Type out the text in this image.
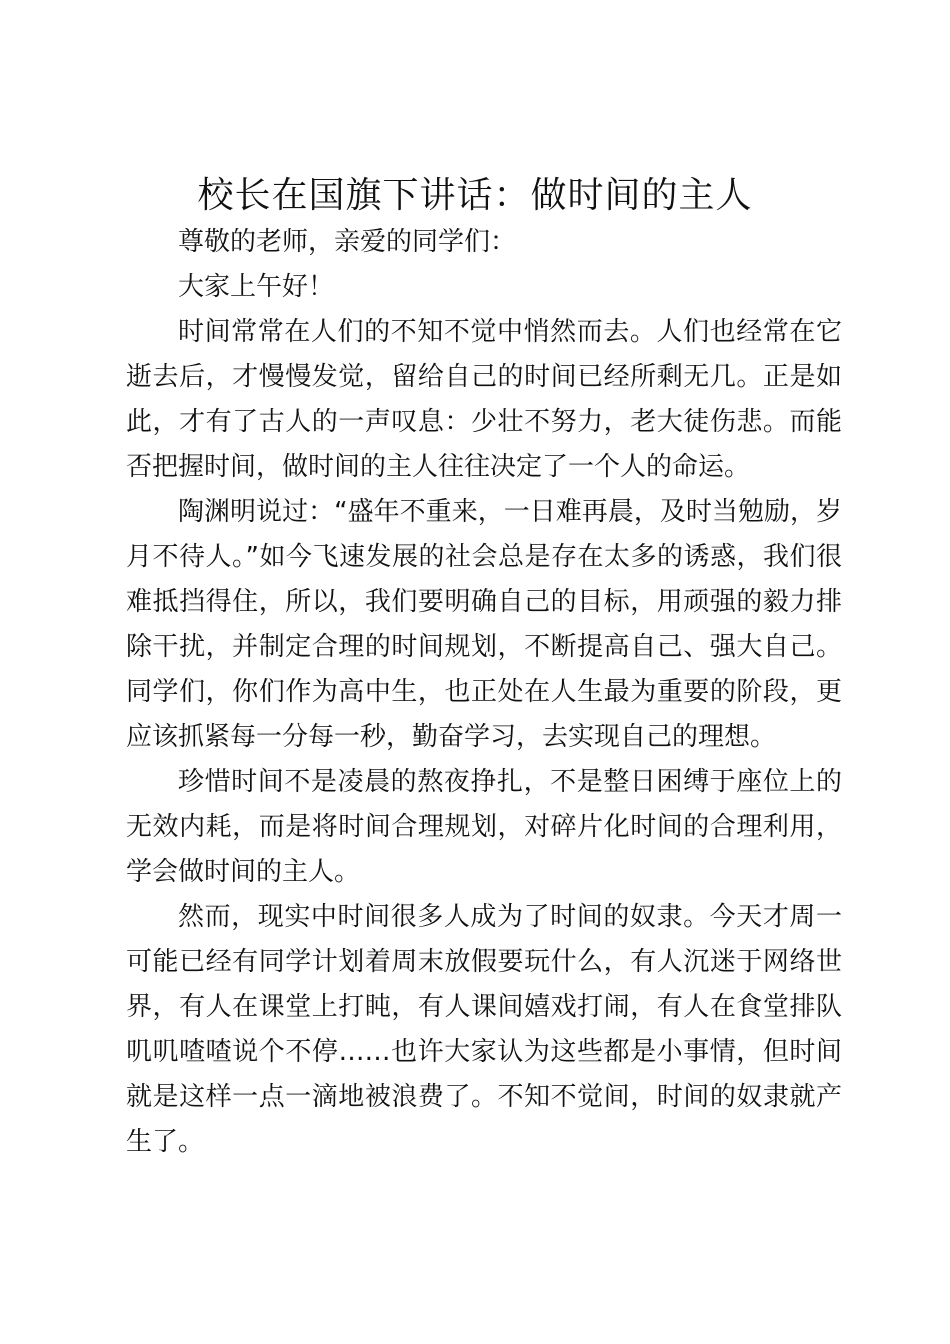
校长在国旗下讲话：做时间的主人

尊敬的老师，亲爱的同学们：

大家上午好！

时间常常在人们的不知不觉中悄然而去。人们也经常在它逝去后，才慢慢发觉，留给自己的时间已经所剩无几。正是如此，才有了古人的一声叹息：少壮不努力，老大徒伤悲。而能否把握时间，做时间的主人往往决定了一个人的命运。

陶渊明说过：“盛年不重来，一日难再晨，及时当勉励，岁月不待人。”如今飞速发展的社会总是存在太多的诱惑，我们很难抵挡得住，所以，我们要明确自己的目标，用顽强的毅力排除干扰，并制定合理的时间规划，不断提高自己、强大自己。同学们，你们作为高中生，也正处在人生最为重要的阶段，更应该抓紧每一分每一秒，勤奋学习，去实现自己的理想。

珍惜时间不是凌晨的熬夜挣扎，不是整日困缚于座位上的无效内耗，而是将时间合理规划，对碎片化时间的合理利用，学会做时间的主人。

然而，现实中时间很多人成为了时间的奴隶。今天才周一可能已经有同学计划着周末放假要玩什么，有人沉迷于网络世界，有人在课堂上打盹，有人课间嬉戏打闹，有人在食堂排队叽叽喳喳说个不停……也许大家认为这些都是小事情，但时间就是这样一点一滴地被浪费了。不知不觉间，时间的奴隶就产生了。
